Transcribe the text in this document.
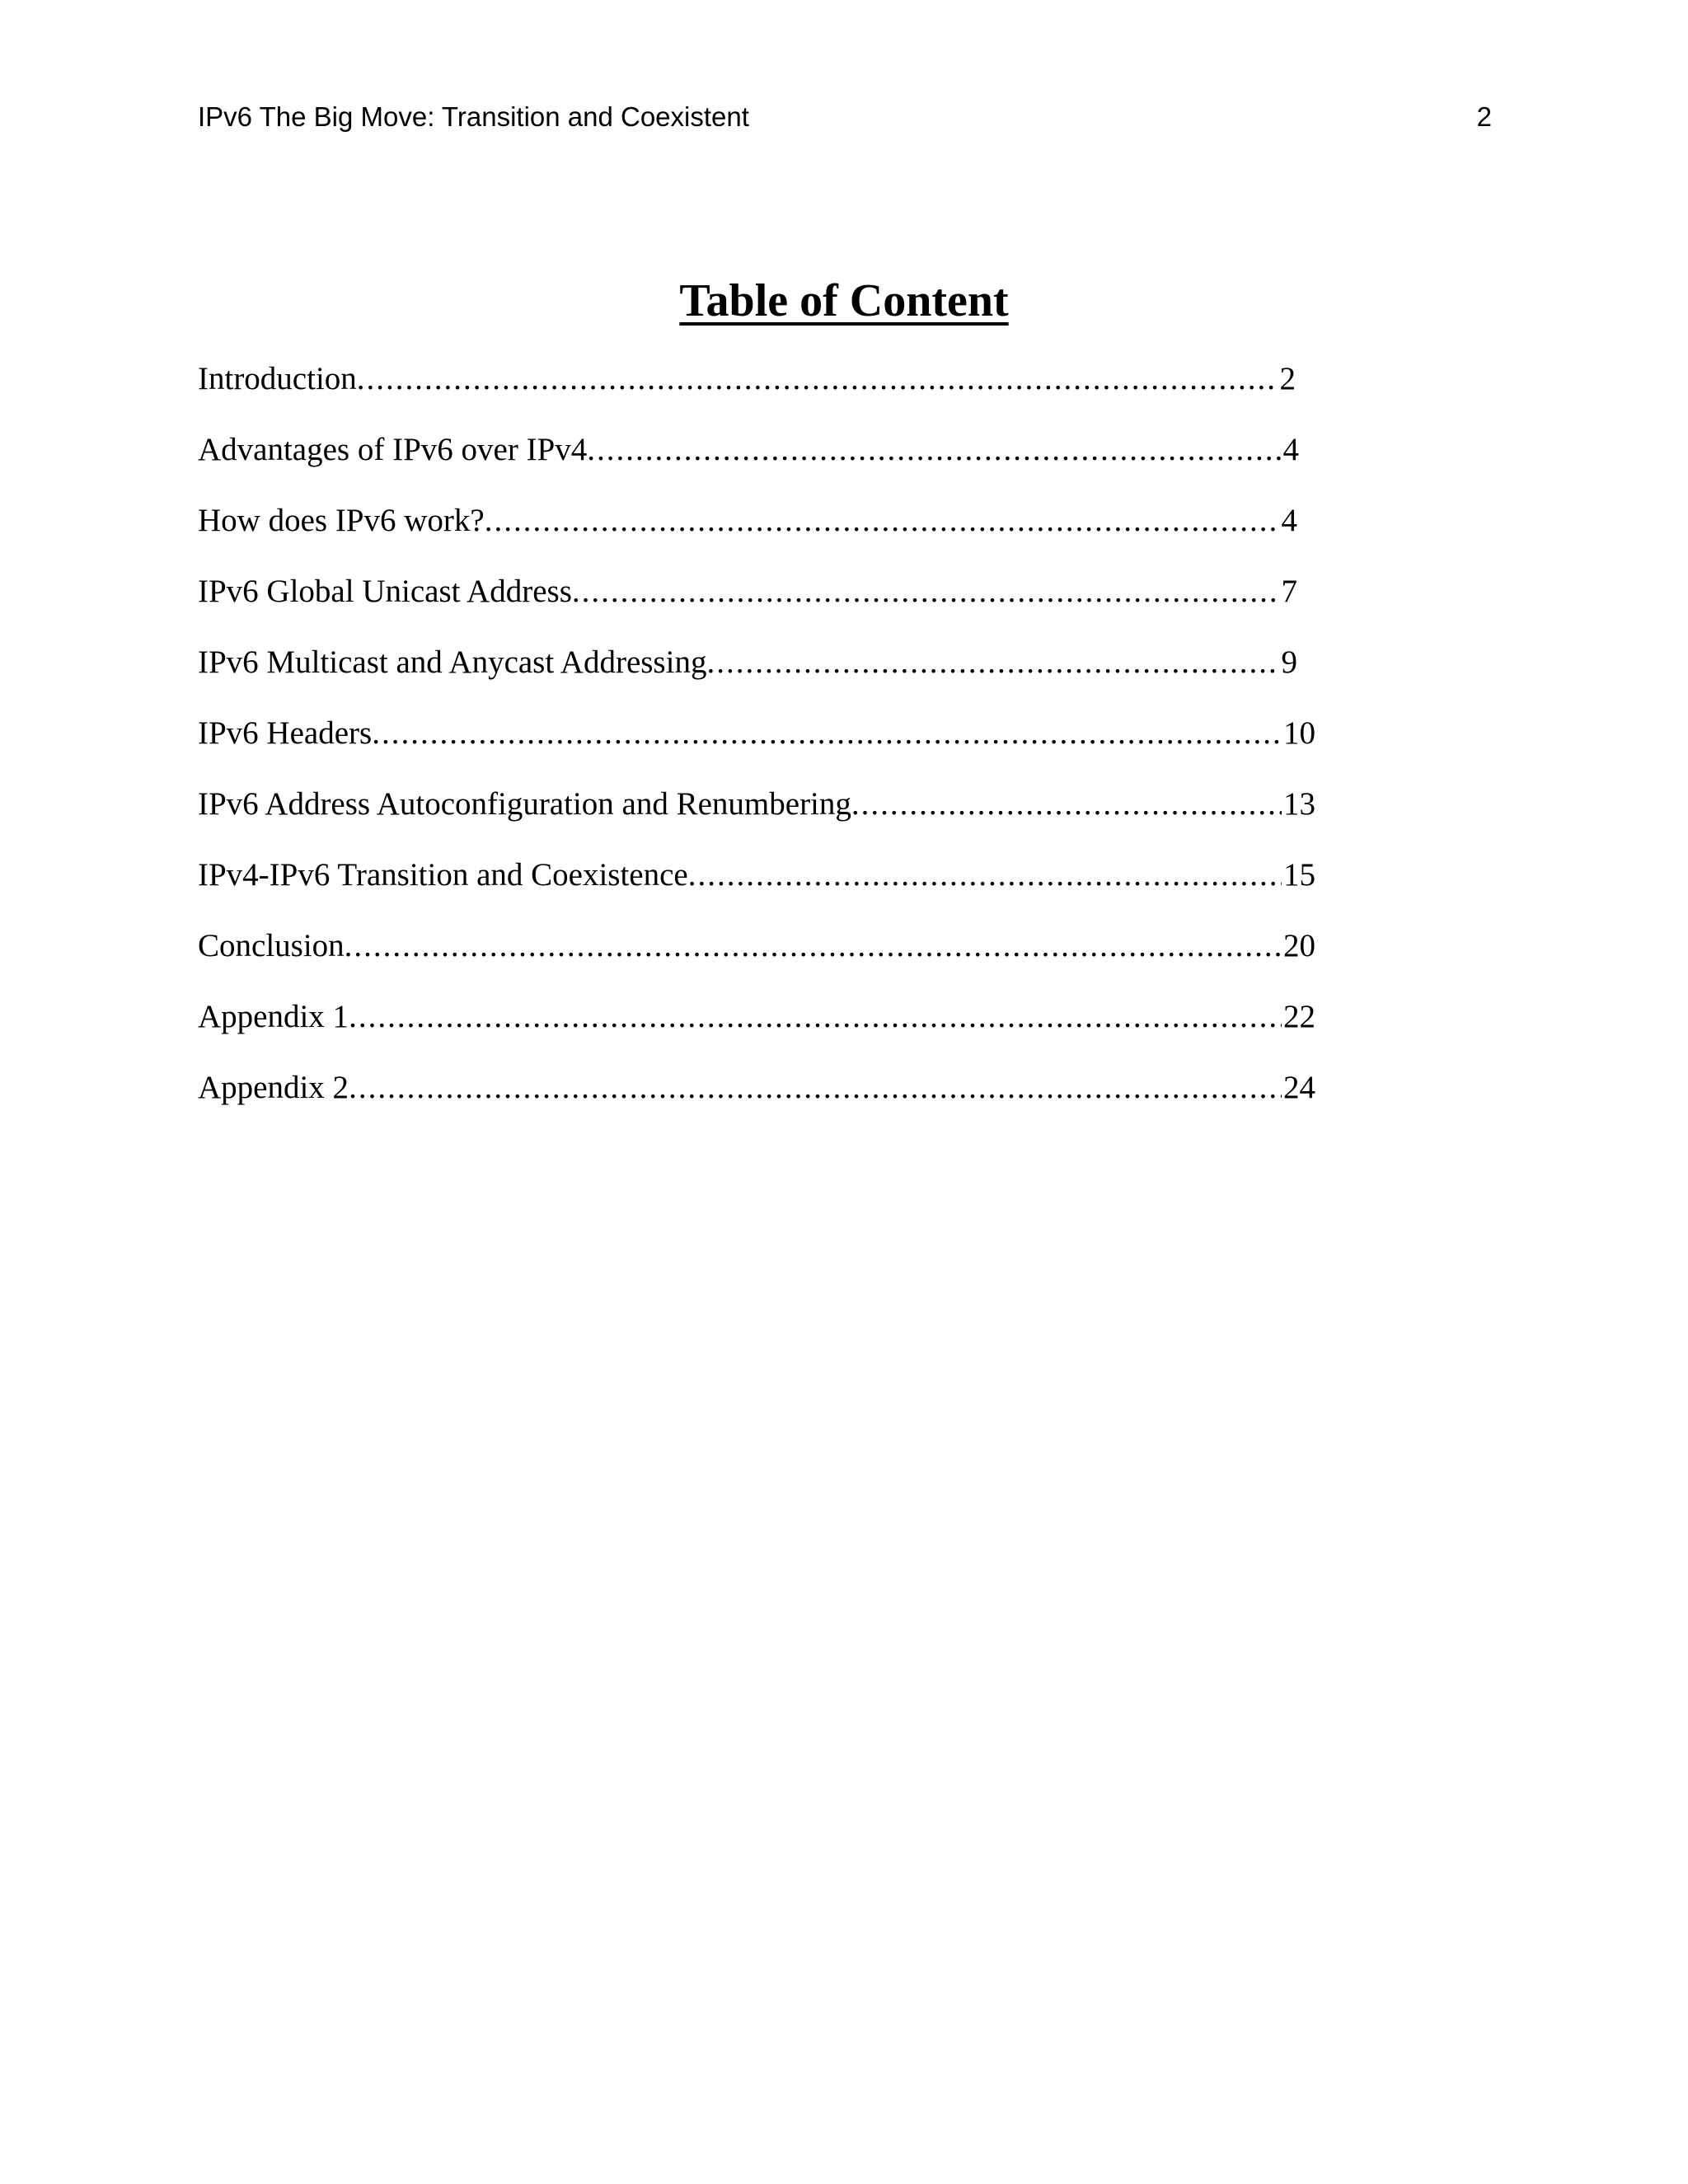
IPv6 The Big Move: Transition and Coexistent	2
Table of Content
Introduction .....	2
Advantages of IPv6 over IPv4 .....	4
How does IPv6 work? .....	4
IPv6 Global Unicast Address .....	7
IPv6 Multicast and Anycast Addressing .....	9
IPv6 Headers .....	10
IPv6 Address Autoconfiguration and Renumbering .....	13
IPv4-IPv6 Transition and Coexistence .....	15
Conclusion .....	20
Appendix 1 .....	22
Appendix 2 .....	24
